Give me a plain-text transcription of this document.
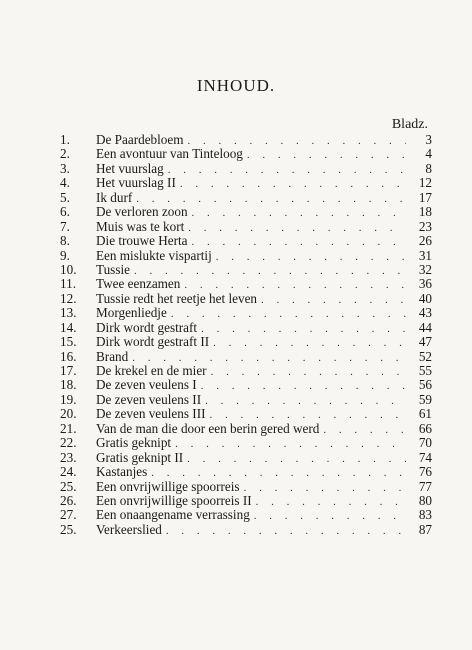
INHOUD.
Bladz.
1.	De Paardebloem . . .	3
2.	Een avontuur van Tinteloog . . .	4
3.	Het vuurslag . . .	8
4.	Het vuurslag II . . .	12
5.	Ik durf . . .	17
6.	De verloren zoon . . .	18
7.	Muis was te kort . . .	23
8.	Die trouwe Herta . . .	26
9.	Een mislukte vispartij . . .	31
10.	Tussie . . .	32
11.	Twee eenzamen . . .	36
12.	Tussie redt het reetje het leven . . .	40
13.	Morgenliedje . . .	43
14.	Dirk wordt gestraft . . .	44
15.	Dirk wordt gestraft II . . .	47
16.	Brand . . .	52
17.	De krekel en de mier . . .	55
18.	De zeven veulens I . . .	56
19.	De zeven veulens II . . .	59
20.	De zeven veulens III . . .	61
21.	Van de man die door een berin gered werd . . .	66
22.	Gratis geknipt . . .	70
23.	Gratis geknipt II . . .	74
24.	Kastanjes . . .	76
25.	Een onvrijwillige spoorreis . . .	77
26.	Een onvrijwillige spoorreis II . . .	80
27.	Een onaangename verrassing . . .	83
25.	Verkeerslied . . .	87
